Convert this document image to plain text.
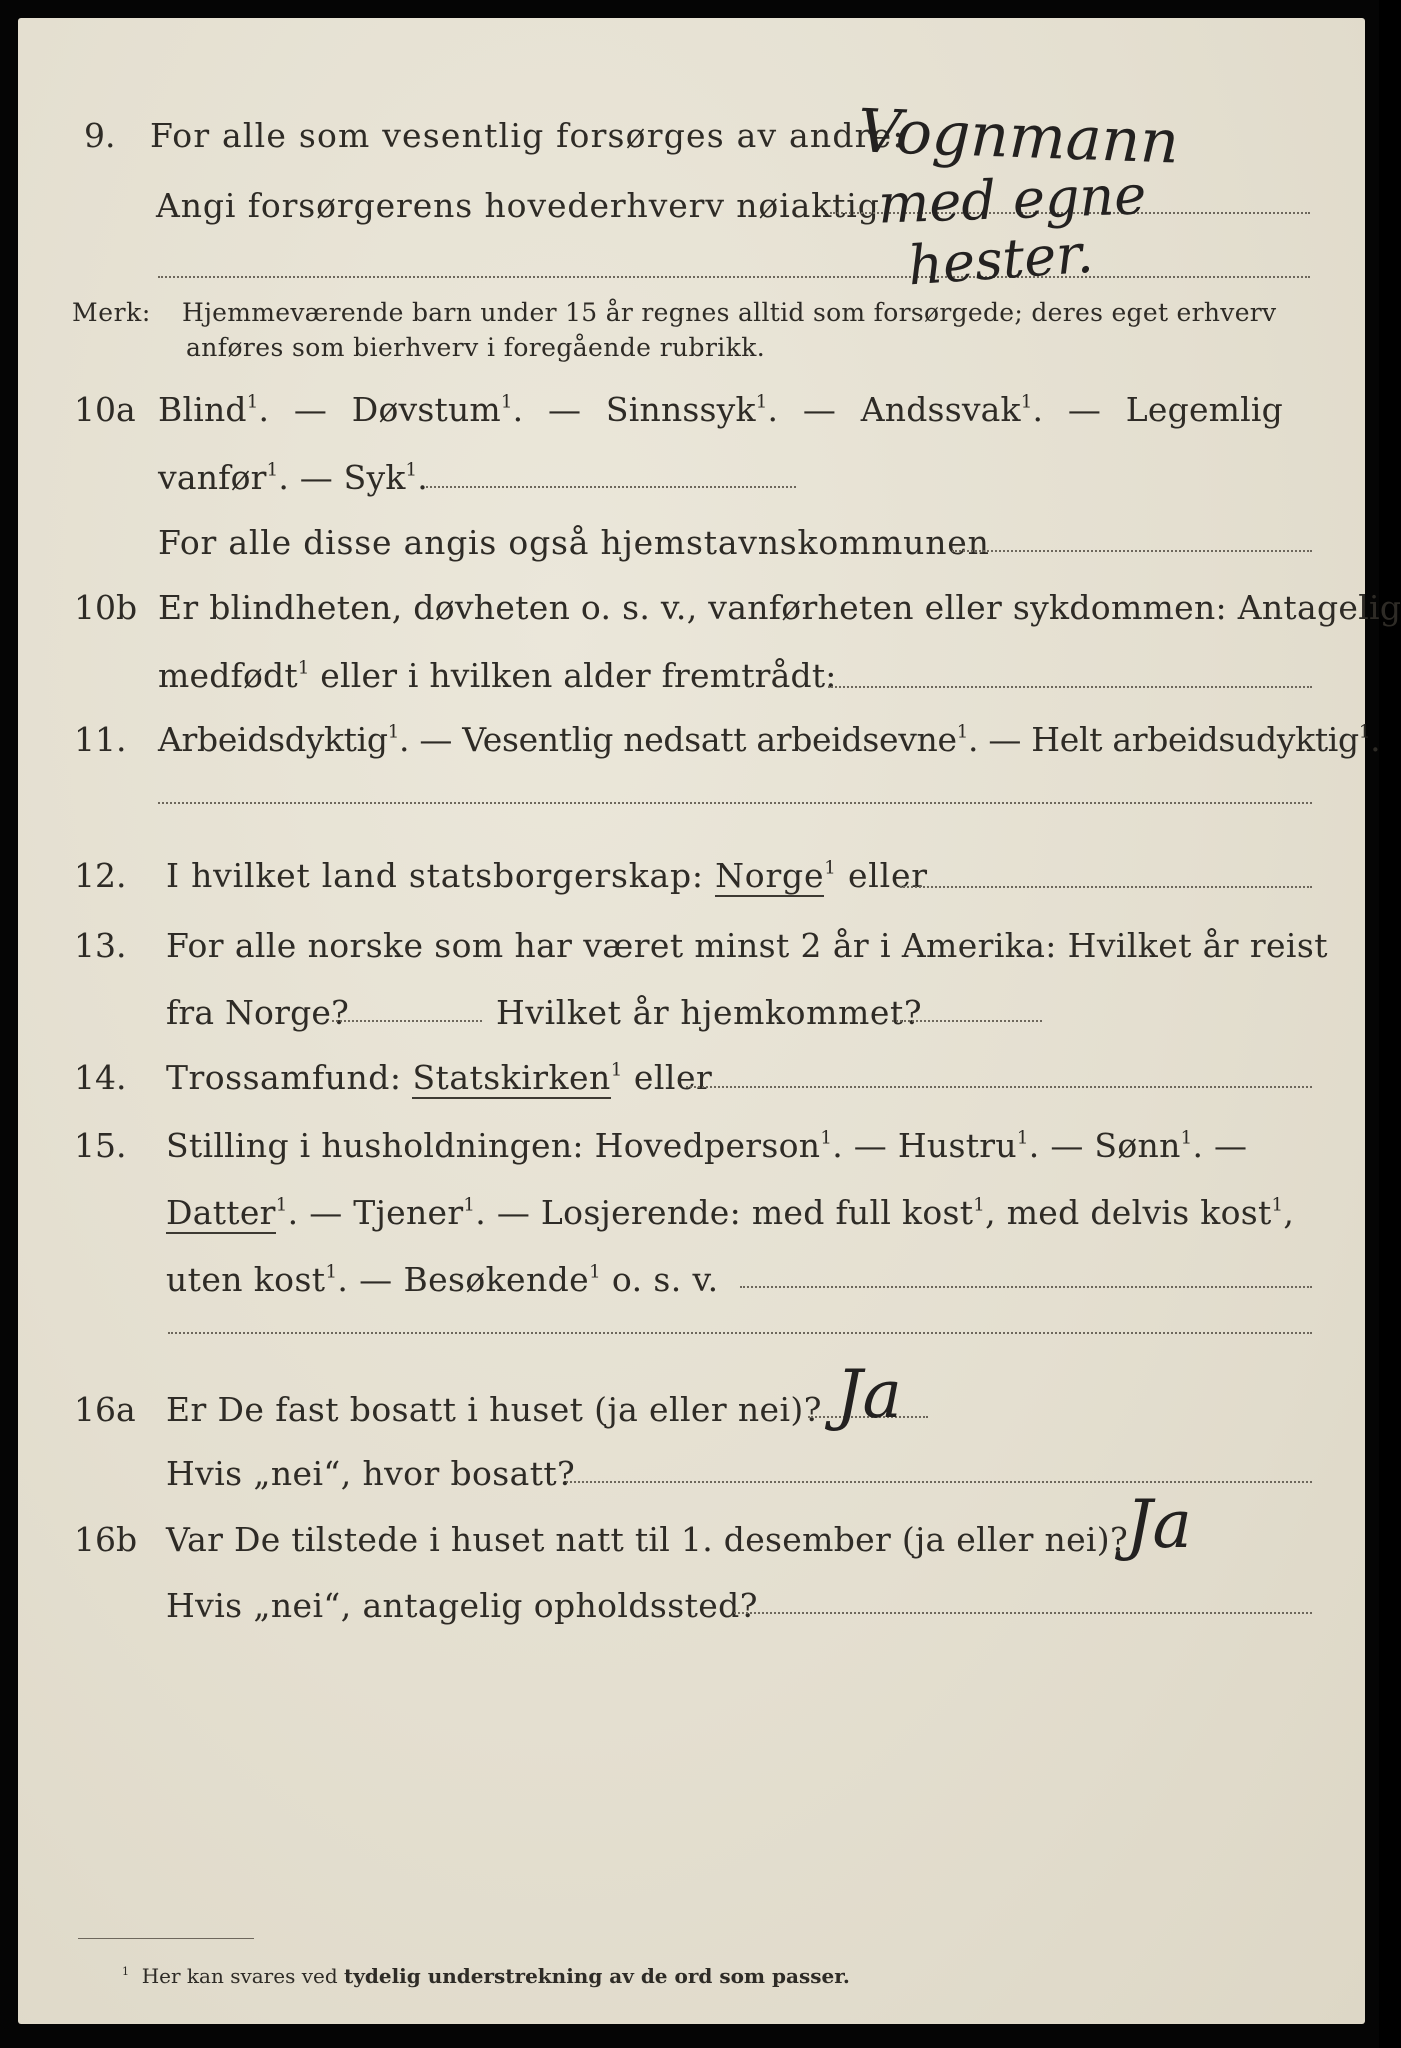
9. For alle som vesentlig forsørges av andre:
Angi forsørgerens hovederhverv nøiaktig
Vognmann
med egne
hester.
Merk: Hjemmeværende barn under 15 år regnes alltid som forsørgede; deres eget erhverv
anføres som bierhverv i foregående rubrikk.
10a Blind$^1$. — Døvstum$^1$. — Sinnssyk$^1$. — Andssvak$^1$. — Legemlig
vanfør$^1$. — Syk$^1$.
For alle disse angis også hjemstavnskommunen
10b Er blindheten, døvheten o. s. v., vanførheten eller sykdommen: Antagelig
medfødt$^1$ eller i hvilken alder fremtrådt:
11. Arbeidsdyktig$^1$. — Vesentlig nedsatt arbeidsevne$^1$. — Helt arbeidsudyktig$^1$.
12. I hvilket land statsborgerskap: Norge$^1$ eller
13. For alle norske som har været minst 2 år i Amerika: Hvilket år reist
fra Norge?	Hvilket år hjemkommet?
14. Trossamfund: Statskirken$^1$ eller
15. Stilling i husholdningen: Hovedperson$^1$. — Hustru$^1$. — Sønn$^1$. —
Datter$^1$. — Tjener$^1$. — Losjerende: med full kost$^1$, med delvis kost$^1$,
uten kost$^1$. — Besøkende$^1$ o. s. v.
16a Er De fast bosatt i huset (ja eller nei)? Ja
Hvis „nei“, hvor bosatt?
16b Var De tilstede i huset natt til 1. desember (ja eller nei)?
Ja
Hvis „nei“, antagelig opholdssted?
$^1$ Her kan svares ved tydelig understrekning av de ord som passer.
